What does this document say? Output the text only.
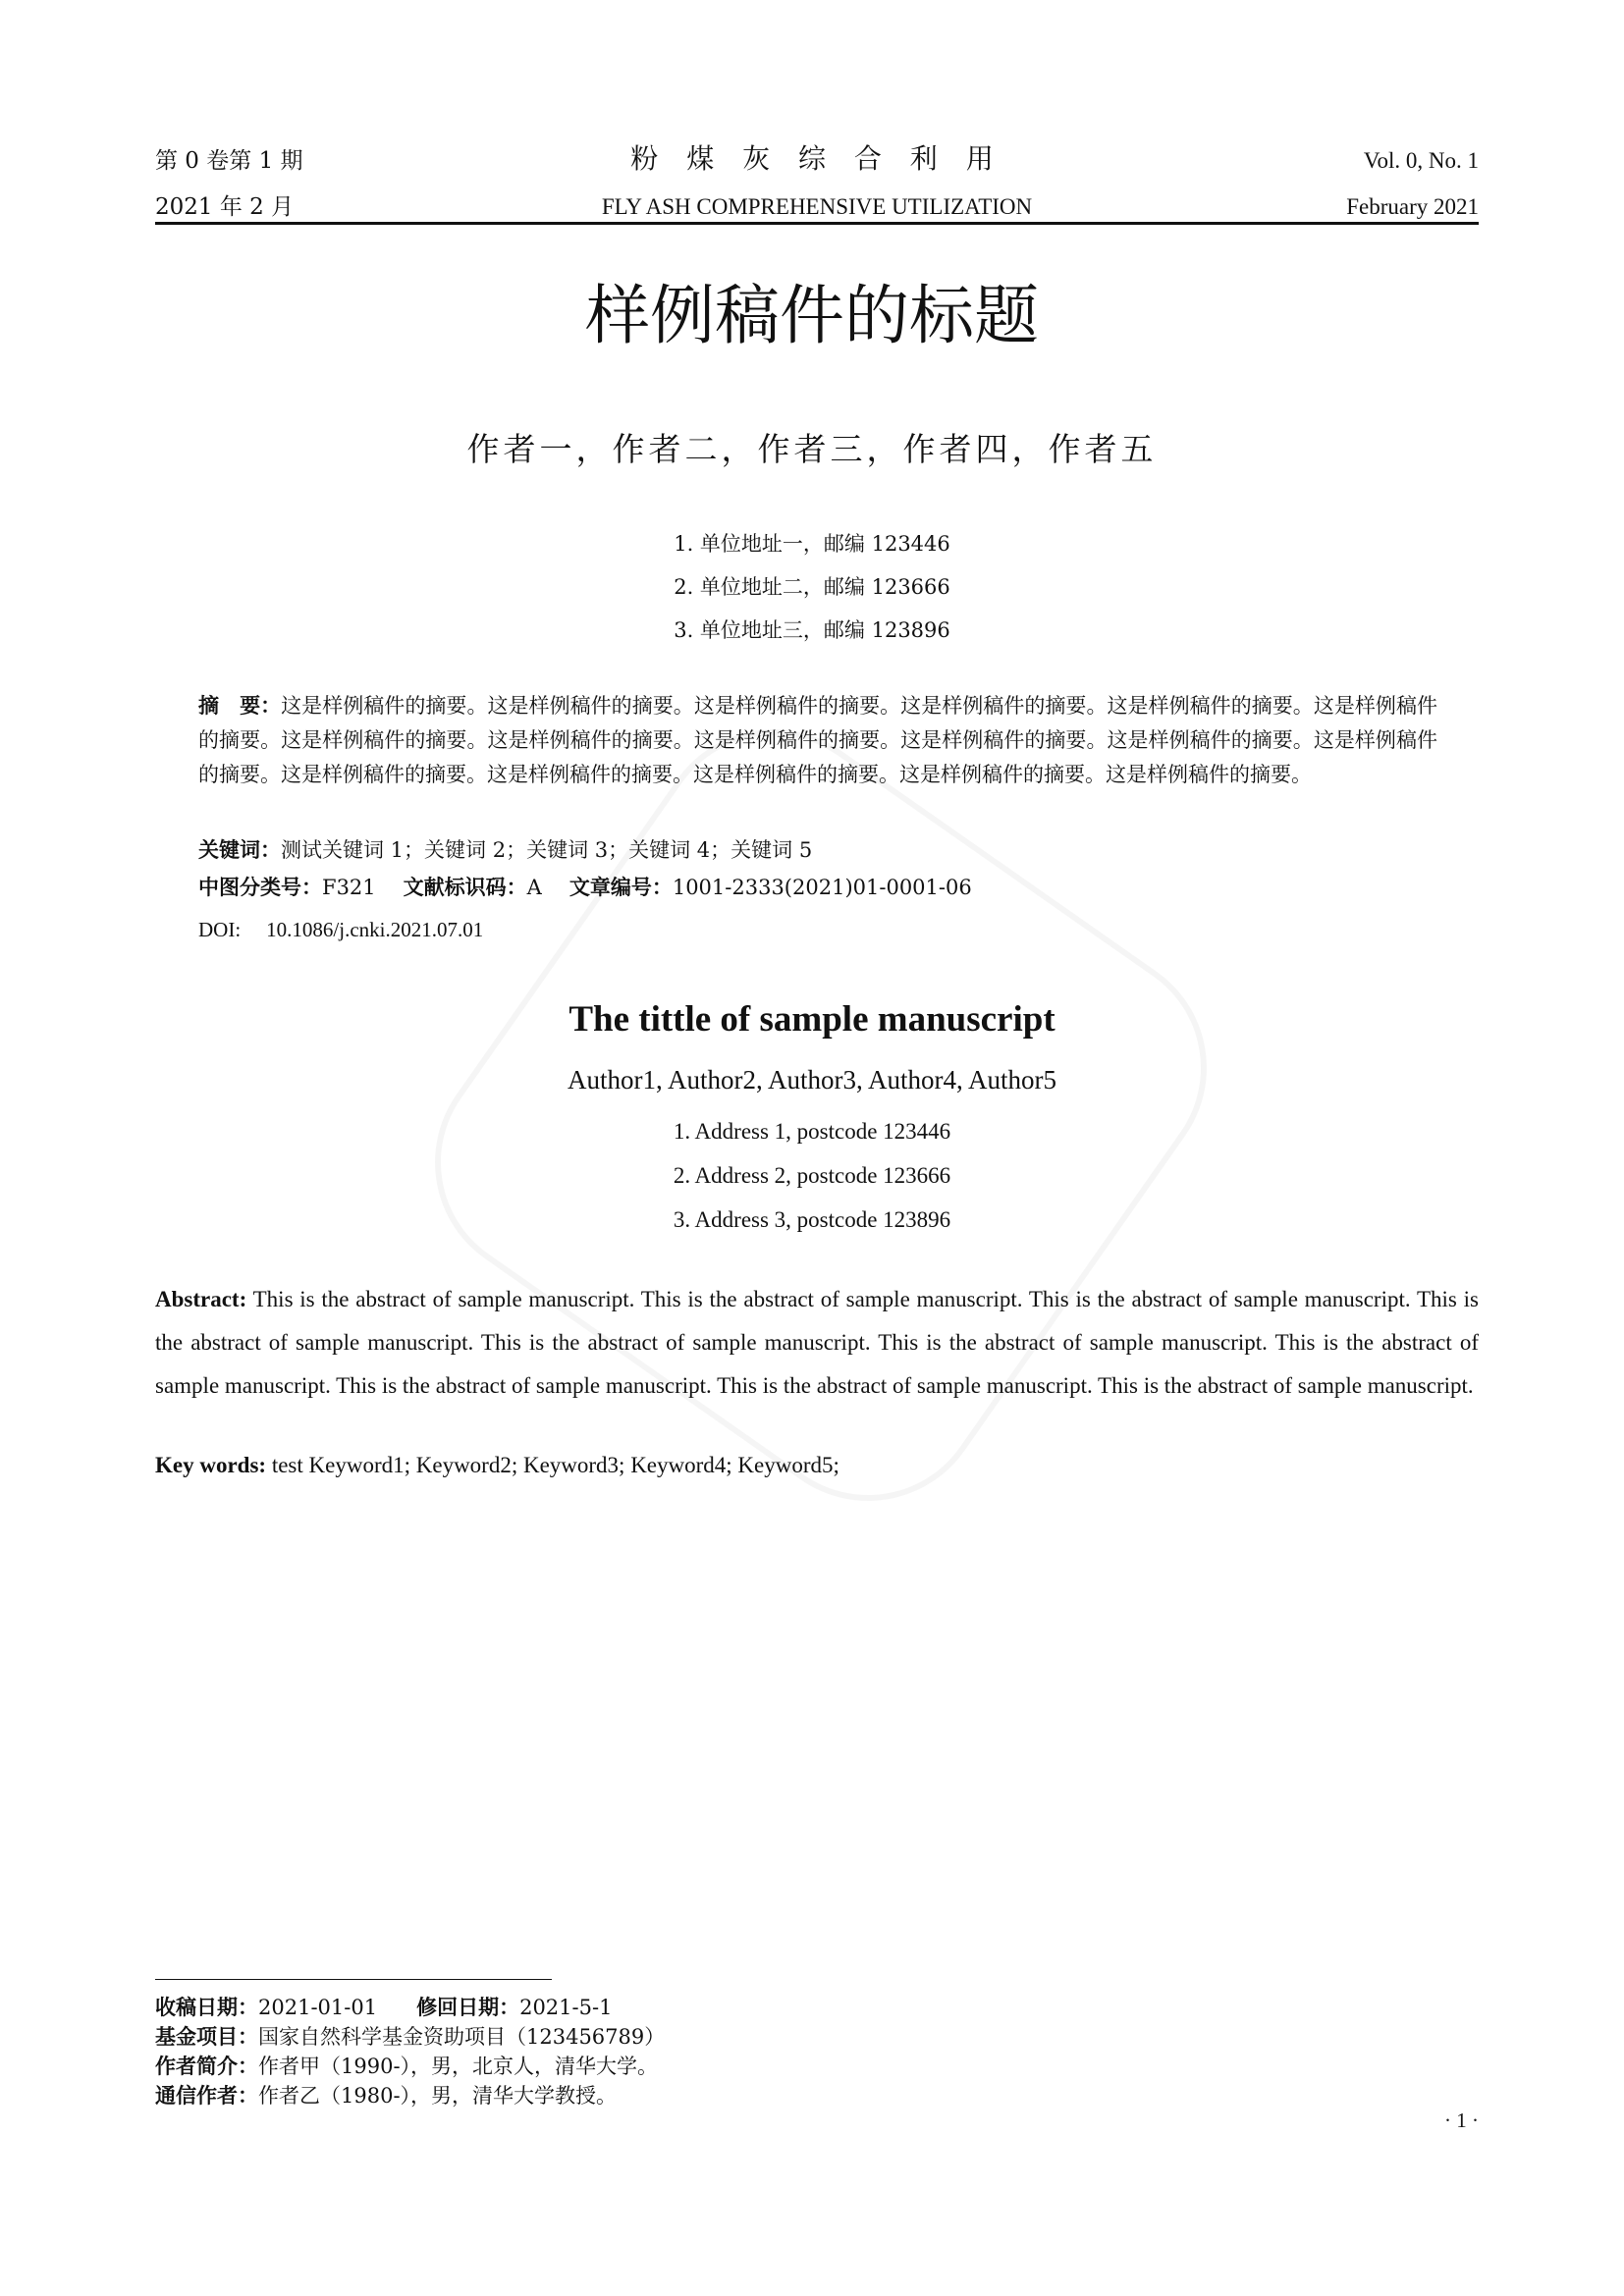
第 0 卷第 1 期	粉 煤 灰 综 合 利 用	Vol. 0, No. 1
2021 年 2 月	FLY ASH COMPREHENSIVE UTILIZATION	February 2021
样例稿件的标题
作者一，作者二，作者三，作者四，作者五
1. 单位地址一，邮编 123446
2. 单位地址二，邮编 123666
3. 单位地址三，邮编 123896
摘　要：这是样例稿件的摘要。这是样例稿件的摘要。这是样例稿件的摘要。这是样例稿件的摘要。这是样例稿件的摘要。这是样例稿件的摘要。这是样例稿件的摘要。这是样例稿件的摘要。这是样例稿件的摘要。这是样例稿件的摘要。这是样例稿件的摘要。这是样例稿件的摘要。这是样例稿件的摘要。这是样例稿件的摘要。这是样例稿件的摘要。这是样例稿件的摘要。这是样例稿件的摘要。
关键词：测试关键词 1；关键词 2；关键词 3；关键词 4；关键词 5
中图分类号：F321 文献标识码：A 文章编号：1001-2333(2021)01-0001-06
DOI: 10.1086/j.cnki.2021.07.01
The tittle of sample manuscript
Author1, Author2, Author3, Author4, Author5
1. Address 1, postcode 123446
2. Address 2, postcode 123666
3. Address 3, postcode 123896
Abstract: This is the abstract of sample manuscript. This is the abstract of sample manuscript. This is the abstract of sample manuscript. This is the abstract of sample manuscript. This is the abstract of sample manuscript. This is the abstract of sample manuscript. This is the abstract of sample manuscript. This is the abstract of sample manuscript. This is the abstract of sample manuscript. This is the abstract of sample manuscript.
Key words: test Keyword1; Keyword2; Keyword3; Keyword4; Keyword5;
收稿日期：2021-01-01 修回日期：2021-5-1
基金项目：国家自然科学基金资助项目（123456789）
作者简介：作者甲（1990-），男，北京人，清华大学。
通信作者：作者乙（1980-），男，清华大学教授。
· 1 ·
